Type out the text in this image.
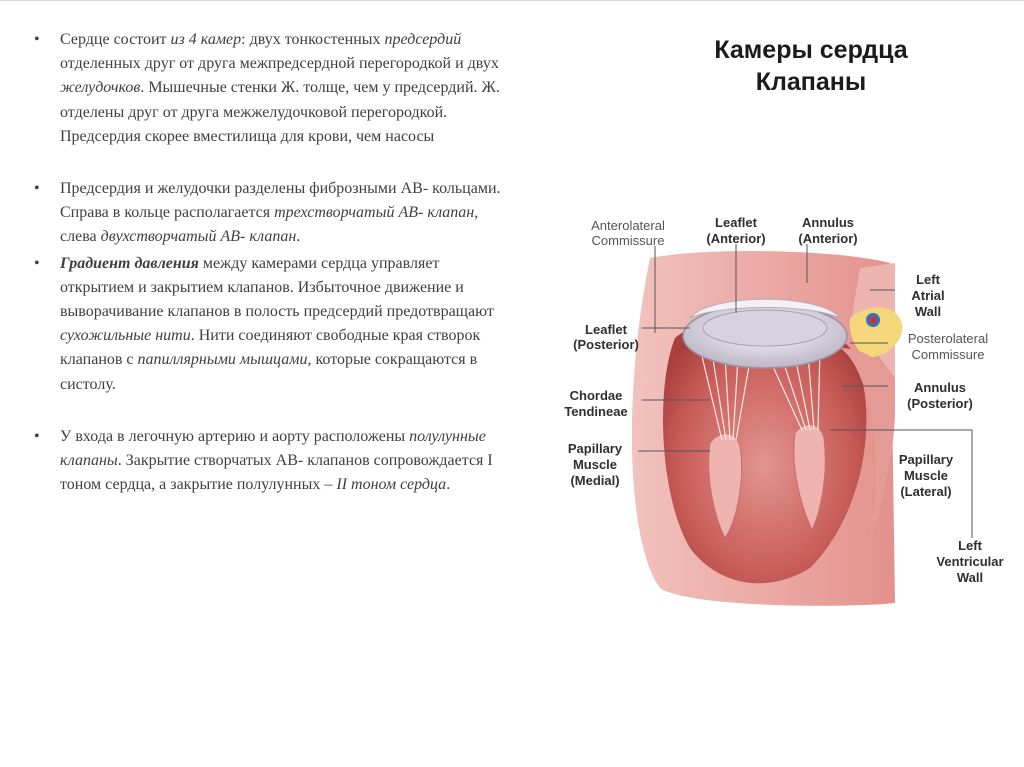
• Сердце состоит из 4 камер: двух тонкостенных предсердий отделенных друг от друга межпредсердной перегородкой и двух желудочков. Мышечные стенки Ж. толще, чем у предсердий. Ж. отделены друг от друга межжелудочковой перегородкой. Предсердия скорее вместилища для крови, чем насосы
• Предсердия и желудочки разделены фиброзными АВ- кольцами. Справа в кольце располагается трехстворчатый АВ- клапан, слева двухстворчатый АВ- клапан.
• Градиент давления между камерами сердца управляет открытием и закрытием клапанов. Избыточное движение и выворачивание клапанов в полость предсердий предотвращают сухожильные нити. Нити соединяют свободные края створок клапанов с папиллярными мышцами, которые сокращаются в систолу.
• У входа в легочную артерию и аорту расположены полулунные клапаны. Закрытие створчатых АВ- клапанов сопровождается I тоном сердца, а закрытие полулунных – II тоном сердца.
Камеры сердца
Клапаны
Anterolateral
Commissure
Leaflet
(Anterior)
Annulus
(Anterior)
Left
Atrial
Wall
Leaflet
(Posterior)	Posterolateral
Commissure
Chordae
Tendineae
Annulus
(Posterior)
Papillary
Muscle
(Medial)
Papillary
Muscle
(Lateral)
Left
Ventricular
Wall
